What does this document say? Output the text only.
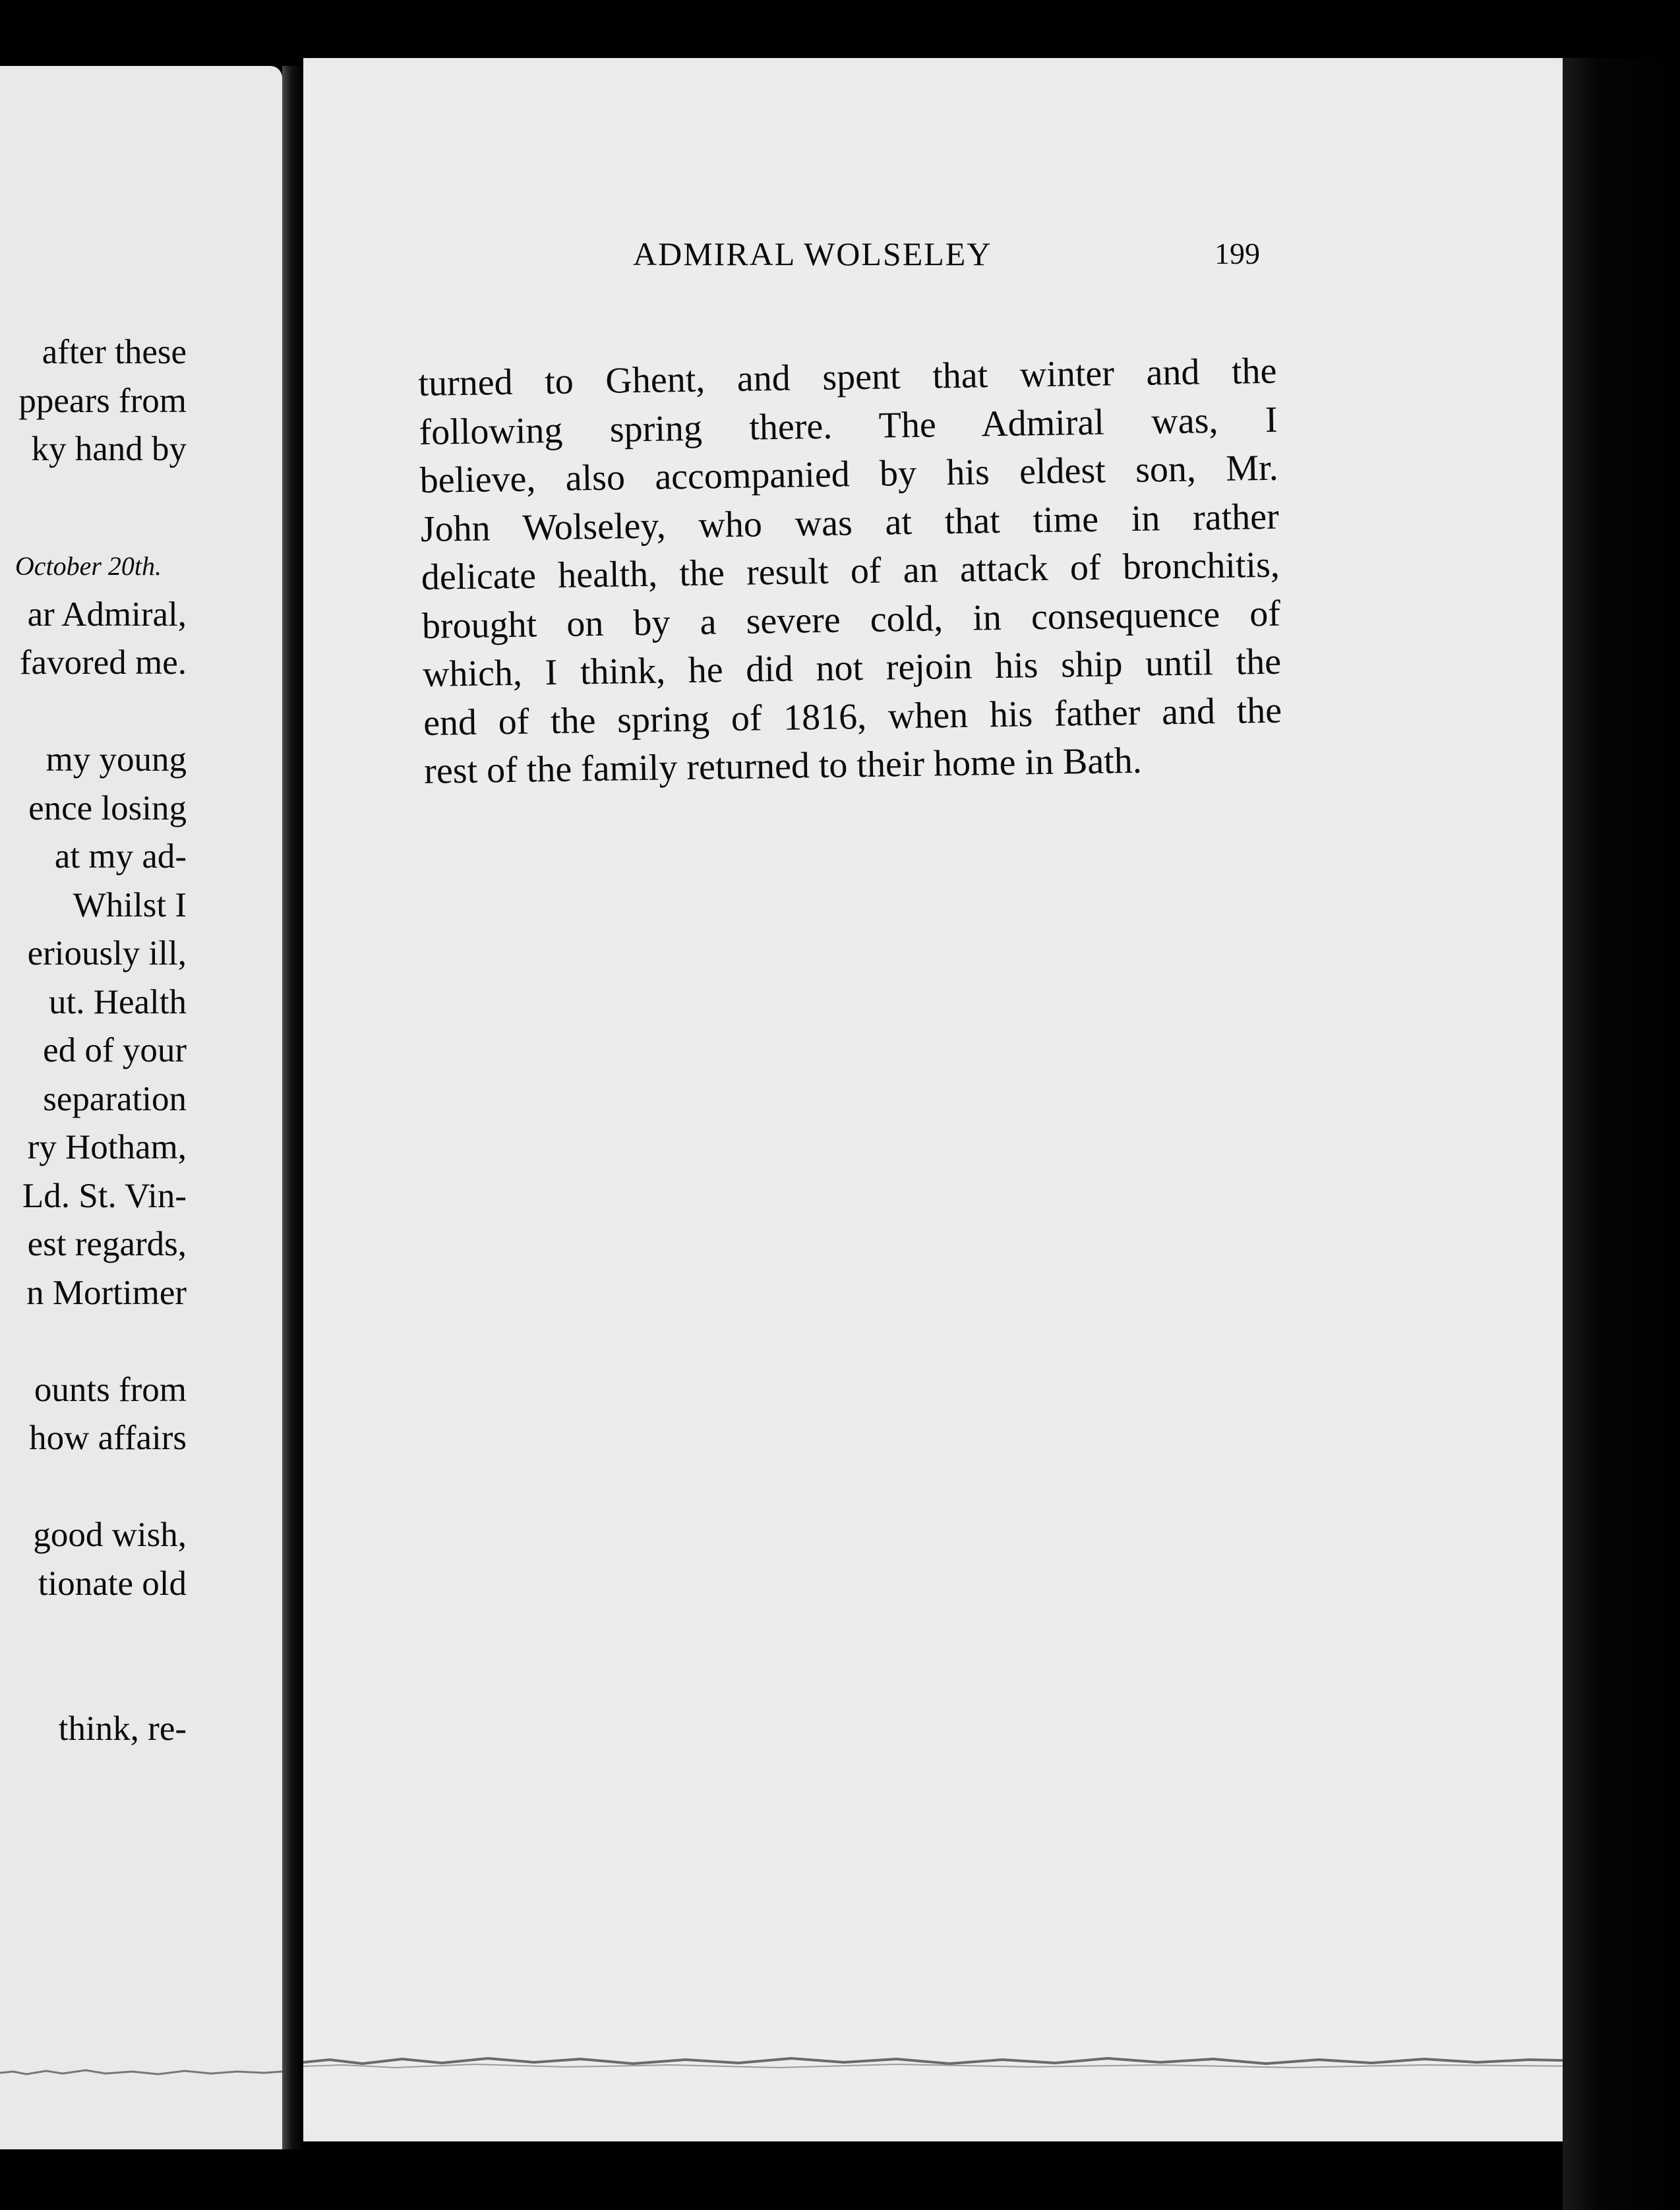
after these
ppears from
ky hand by
October 20th.
ar Admiral,
favored me.
my young
ence losing
at my ad-
Whilst I
eriously ill,
ut. Health
ed of your
separation
ry Hotham,
Ld. St. Vin-
est regards,
n Mortimer
ounts from
how affairs
good wish,
tionate old
think, re-
ADMIRAL WOLSELEY	199
turned to Ghent, and spent that winter and the
following spring there. The Admiral was, I
believe, also accompanied by his eldest son, Mr.
John Wolseley, who was at that time in rather
delicate health, the result of an attack of bronchitis,
brought on by a severe cold, in consequence of
which, I think, he did not rejoin his ship until the
end of the spring of 1816, when his father and the
rest of the family returned to their home in Bath.
